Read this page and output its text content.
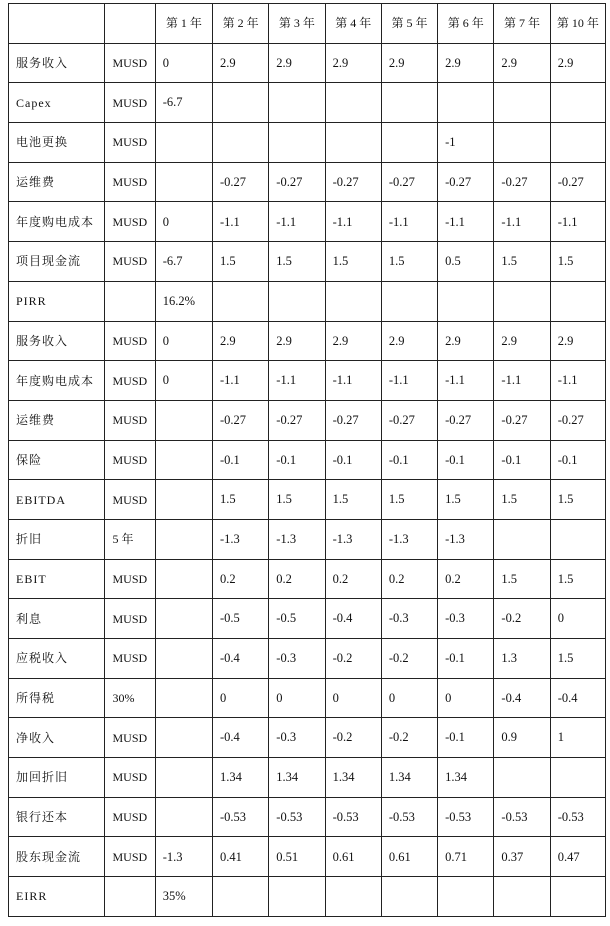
		第 1 年	第 2 年	第 3 年	第 4 年	第 5 年	第 6 年	第 7 年	第 10 年
服务收入	MUSD	0	2.9	2.9	2.9	2.9	2.9	2.9	2.9
Capex	MUSD	-6.7							
电池更换	MUSD						-1		
运维费	MUSD		-0.27	-0.27	-0.27	-0.27	-0.27	-0.27	-0.27
年度购电成本	MUSD	0	-1.1	-1.1	-1.1	-1.1	-1.1	-1.1	-1.1
项目现金流	MUSD	-6.7	1.5	1.5	1.5	1.5	0.5	1.5	1.5
PIRR		16.2%							
服务收入	MUSD	0	2.9	2.9	2.9	2.9	2.9	2.9	2.9
年度购电成本	MUSD	0	-1.1	-1.1	-1.1	-1.1	-1.1	-1.1	-1.1
运维费	MUSD		-0.27	-0.27	-0.27	-0.27	-0.27	-0.27	-0.27
保险	MUSD		-0.1	-0.1	-0.1	-0.1	-0.1	-0.1	-0.1
EBITDA	MUSD		1.5	1.5	1.5	1.5	1.5	1.5	1.5
折旧	5 年		-1.3	-1.3	-1.3	-1.3	-1.3		
EBIT	MUSD		0.2	0.2	0.2	0.2	0.2	1.5	1.5
利息	MUSD		-0.5	-0.5	-0.4	-0.3	-0.3	-0.2	0
应税收入	MUSD		-0.4	-0.3	-0.2	-0.2	-0.1	1.3	1.5
所得税	30%		0	0	0	0	0	-0.4	-0.4
净收入	MUSD		-0.4	-0.3	-0.2	-0.2	-0.1	0.9	1
加回折旧	MUSD		1.34	1.34	1.34	1.34	1.34		
银行还本	MUSD		-0.53	-0.53	-0.53	-0.53	-0.53	-0.53	-0.53
股东现金流	MUSD	-1.3	0.41	0.51	0.61	0.61	0.71	0.37	0.47
EIRR		35%							
